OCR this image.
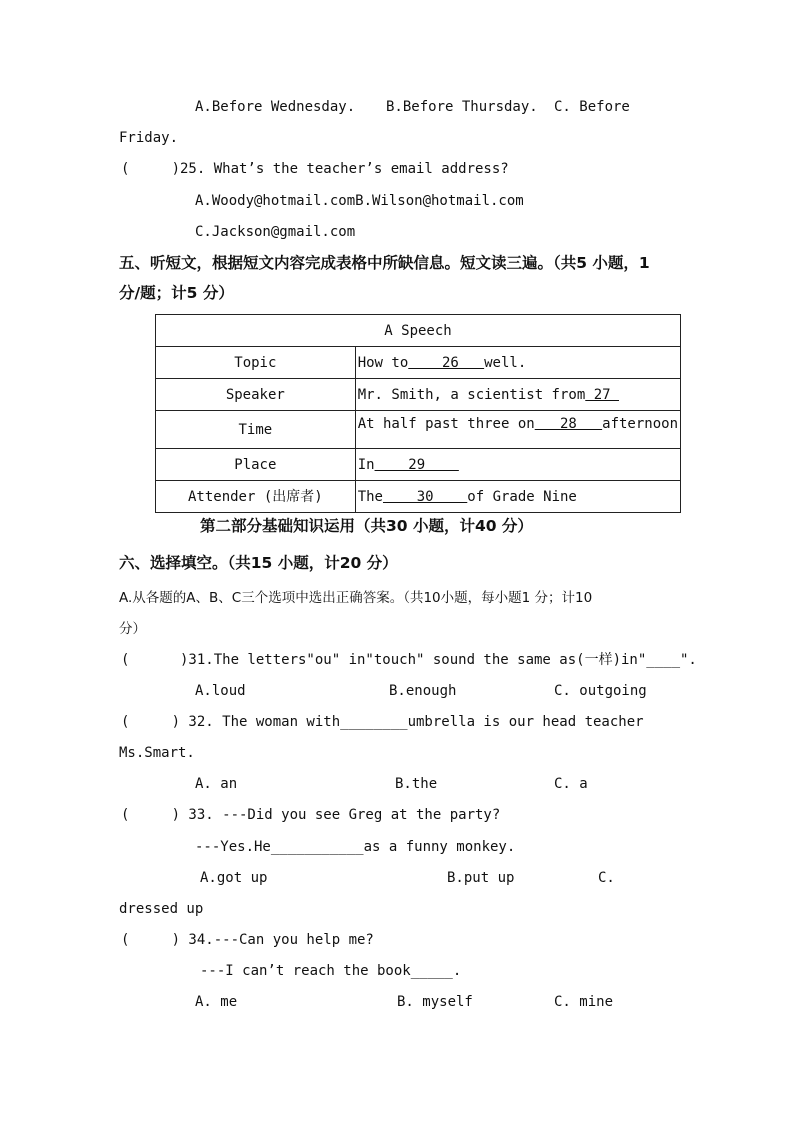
A.Before Wednesday. B.Before Thursday. C. Before
Friday.
(     ) 25. What’s the teacher’s email address?
A.Woody@hotmail.comB.Wilson@hotmail.com
C.Jackson@gmail.com
五、听短文，根据短文内容完成表格中所缺信息。短文读三遍。（共5 小题，1
分/题；计5 分）
A Speech	
Topic	How to    26   well.
Speaker	Mr. Smith, a scientist from 27
Time	At half past three on   28   afternoon
Place	In    29
Attender (出席者)	The    30    of Grade Nine
第二部分基础知识运用（共30 小题，计40 分）
六、选择填空。（共15 小题，计20 分）
A.从各题的A、B、C三个选项中选出正确答案。（共10小题，每小题1 分；计10
分）
(      )31.The letters"ou" in"touch" sound the same as(一样)in"____".
A.loud	B.enough	C. outgoing
(     ) 32. The woman with________umbrella is our head teacher
Ms.Smart.
A. an	B.the	C. a
(     ) 33. ---Did you see Greg at the party?
---Yes.He___________as a funny monkey.
A.got up	B.put up	C.
dressed up
(     ) 34.---Can you help me?
---I can’t reach the book_____.
A. me	B. myself	C. mine
